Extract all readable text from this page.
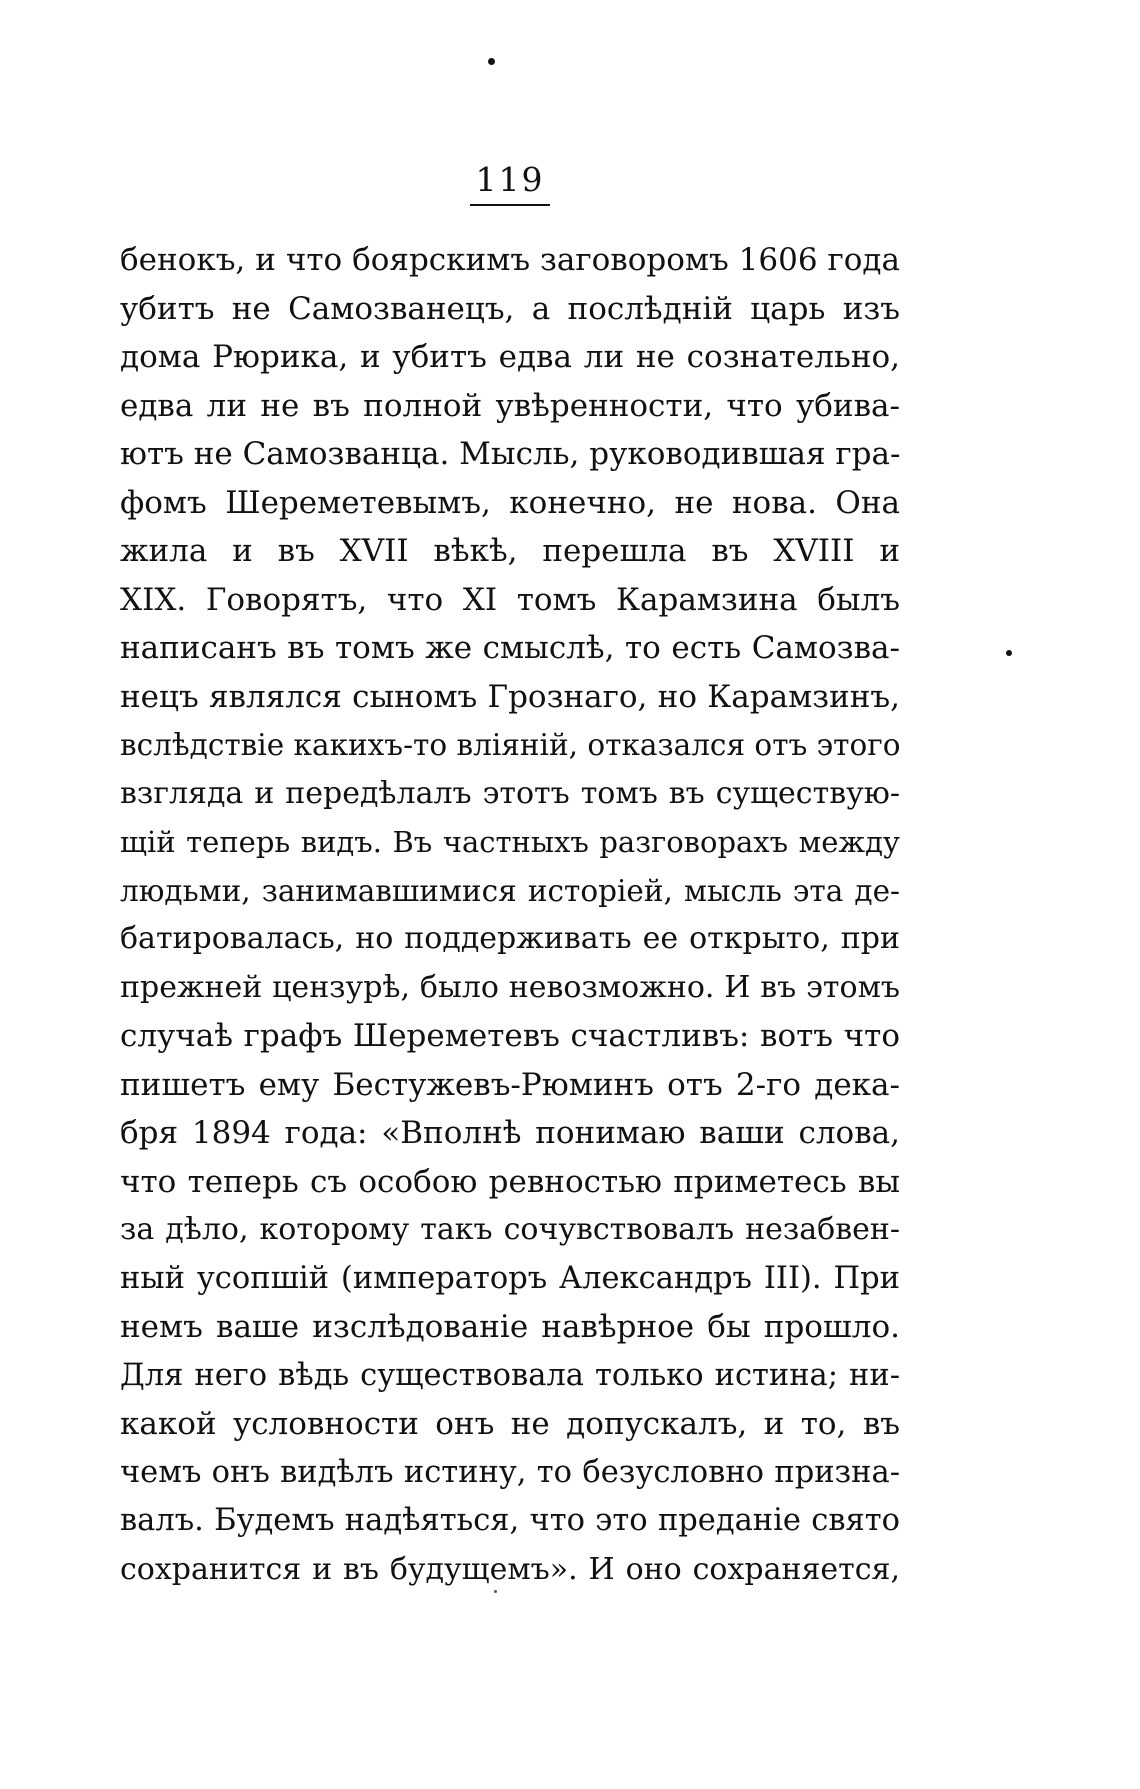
119
бенокъ, и что боярскимъ заговоромъ 1606 года
убитъ не Самозванецъ, а послѣдній царь изъ
дома Рюрика, и убитъ едва ли не сознательно,
едва ли не въ полной увѣренности, что убива-
ютъ не Самозванца. Мысль, руководившая гра-
фомъ Шереметевымъ, конечно, не нова. Она
жила и въ XVII вѣкѣ, перешла въ XVIII и
XIX. Говорятъ, что XI томъ Карамзина былъ
написанъ въ томъ же смыслѣ, то есть Самозва-
нецъ являлся сыномъ Грознаго, но Карамзинъ,
вслѣдствіе какихъ-то вліяній, отказался отъ этого
взгляда и передѣлалъ этотъ томъ въ существую-
щій теперь видъ. Въ частныхъ разговорахъ между
людьми, занимавшимися исторіей, мысль эта де-
батировалась, но поддерживать ее открыто, при
прежней цензурѣ, было невозможно. И въ этомъ
случаѣ графъ Шереметевъ счастливъ: вотъ что
пишетъ ему Бестужевъ-Рюминъ отъ 2-го дека-
бря 1894 года: «Вполнѣ понимаю ваши слова,
что теперь съ особою ревностью приметесь вы
за дѣло, которому такъ сочувствовалъ незабвен-
ный усопшій (императоръ Александръ III). При
немъ ваше изслѣдованіе навѣрное бы прошло.
Для него вѣдь существовала только истина; ни-
какой условности онъ не допускалъ, и то, въ
чемъ онъ видѣлъ истину, то безусловно призна-
валъ. Будемъ надѣяться, что это преданіе свято
сохранится и въ будущемъ». И оно сохраняется,
